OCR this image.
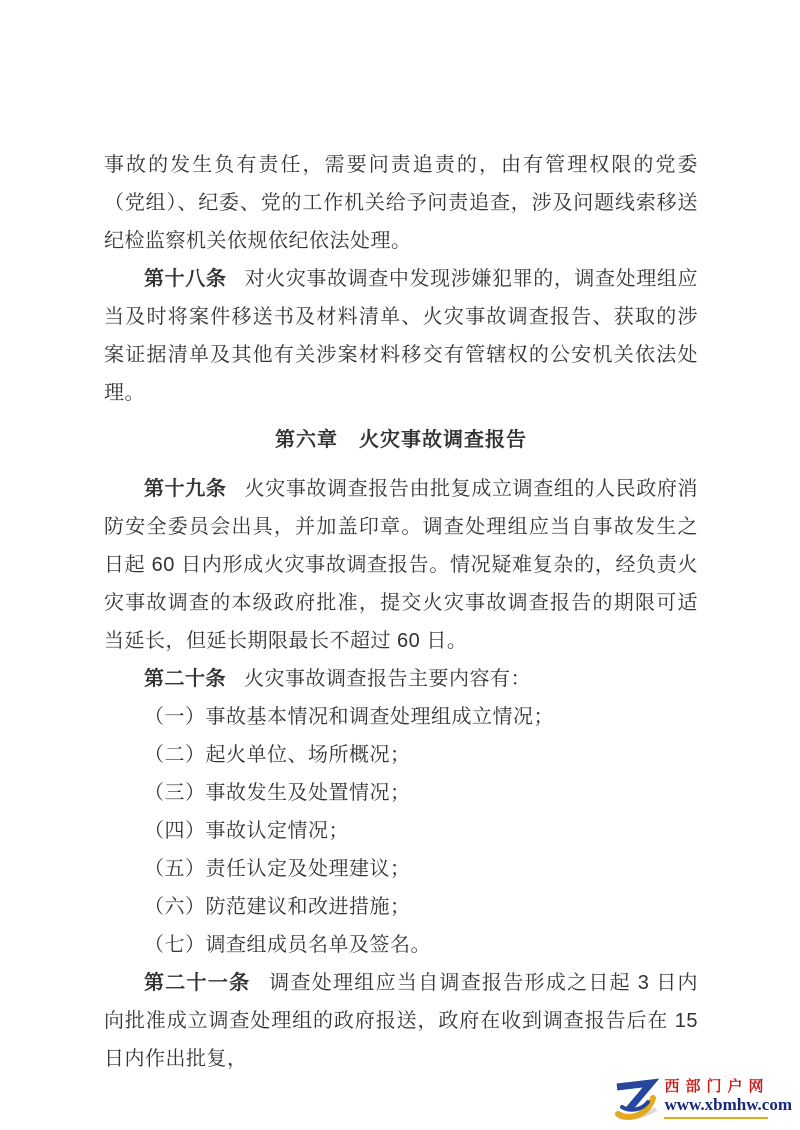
事故的发生负有责任，需要问责追责的，由有管理权限的党委（党组）、纪委、党的工作机关给予问责追查，涉及问题线索移送纪检监察机关依规依纪依法处理。

第十八条 对火灾事故调查中发现涉嫌犯罪的，调查处理组应当及时将案件移送书及材料清单、火灾事故调查报告、获取的涉案证据清单及其他有关涉案材料移交有管辖权的公安机关依法处理。

第六章　火灾事故调查报告

第十九条 火灾事故调查报告由批复成立调查组的人民政府消防安全委员会出具，并加盖印章。调查处理组应当自事故发生之日起 60 日内形成火灾事故调查报告。情况疑难复杂的，经负责火灾事故调查的本级政府批准，提交火灾事故调查报告的期限可适当延长，但延长期限最长不超过 60 日。

第二十条 火灾事故调查报告主要内容有：

（一）事故基本情况和调查处理组成立情况；

（二）起火单位、场所概况；

（三）事故发生及处置情况；

（四）事故认定情况；

（五）责任认定及处理建议；

（六）防范建议和改进措施；

（七）调查组成员名单及签名。

第二十一条 调查处理组应当自调查报告形成之日起 3 日内向批准成立调查处理组的政府报送，政府在收到调查报告后在 15 日内作出批复，

西部门户网
www.xbmhw.com
